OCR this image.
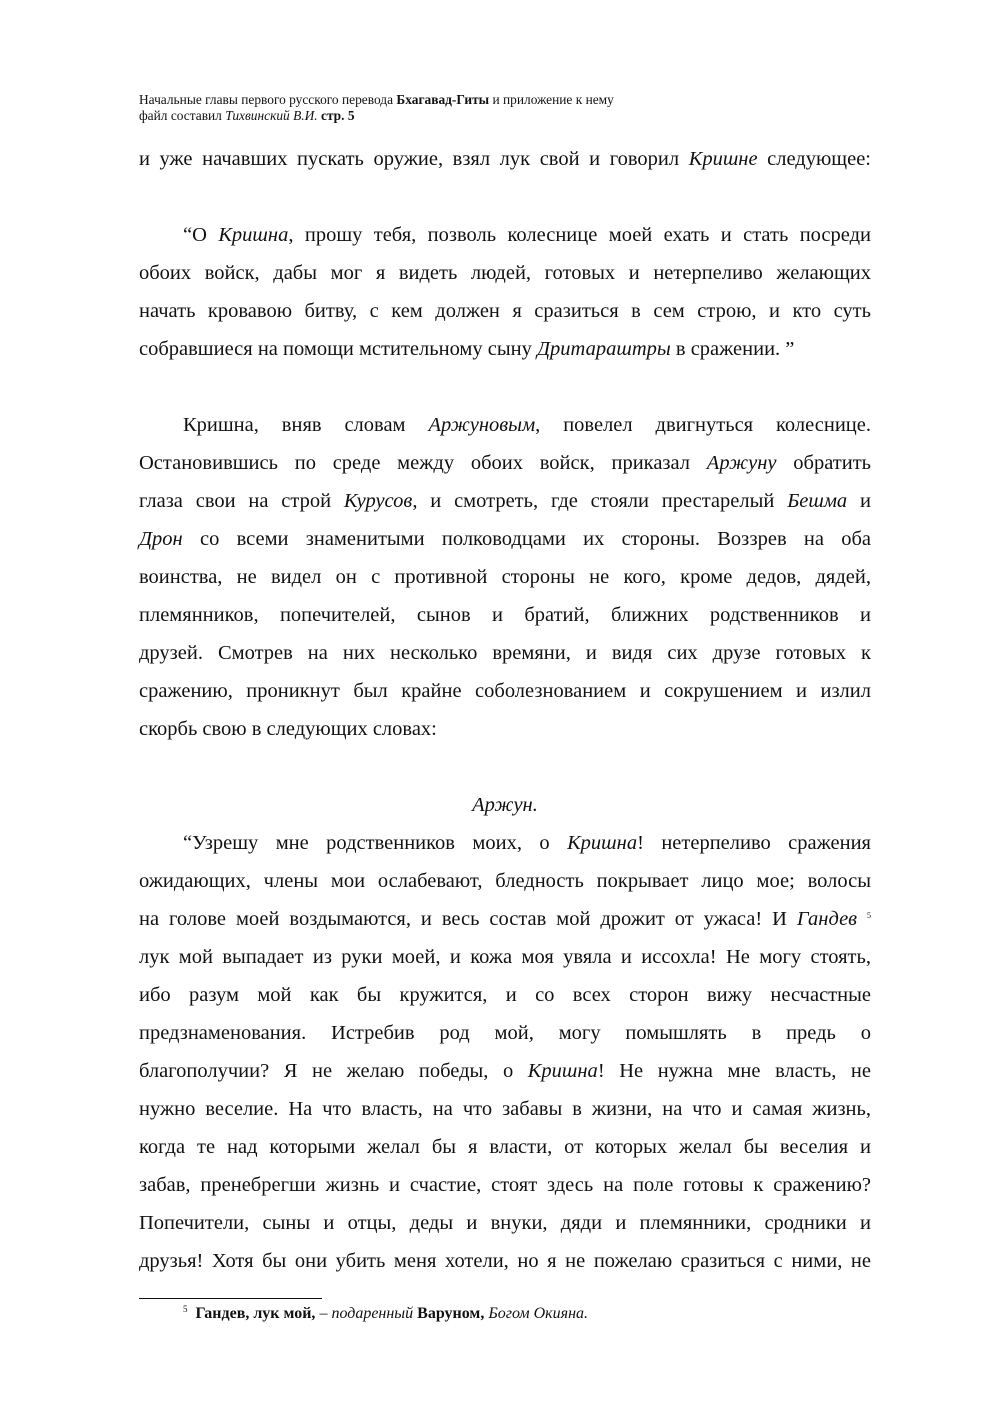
Начальные главы первого русского перевода Бхагавад-Гиты и приложение к нему
файл составил Тихвинский В.И. стр. 5
и уже начавших пускать оружие, взял лук свой и говорил Кришне следующее:
“О Кришна, прошу тебя, позволь колеснице моей ехать и стать посреди
обоих войск, дабы мог я видеть людей, готовых и нетерпеливо желающих
начать кровавою битву, с кем должен я сразиться в сем строю, и кто суть
собравшиеся на помощи мстительному сыну Дритараштры в сражении. ”
Кришна, вняв словам Аржуновым, повелел двигнуться колеснице.
Остановившись по среде между обоих войск, приказал Аржуну обратить
глаза свои на строй Курусов, и смотреть, где стояли престарелый Бешма и
Дрон со всеми знаменитыми полководцами их стороны. Воззрев на оба
воинства, не видел он с противной стороны не кого, кроме дедов, дядей,
племянников, попечителей, сынов и братий, ближних родственников и
друзей. Смотрев на них несколько времяни, и видя сих друзе готовых к
сражению, проникнут был крайне соболезнованием и сокрушением и излил
скорбь свою в следующих словах:
Аржун.
“Узрешу мне родственников моих, о Кришна! нетерпеливо сражения
ожидающих, члены мои ослабевают, бледность покрывает лицо мое; волосы
на голове моей воздымаются, и весь состав мой дрожит от ужаса! И Гандев $^5$
лук мой выпадает из руки моей, и кожа моя увяла и иссохла! Не могу стоять,
ибо разум мой как бы кружится, и со всех сторон вижу несчастные
предзнаменования. Истребив род мой, могу помышлять в предь о
благополучии? Я не желаю победы, о Кришна! Не нужна мне власть, не
нужно веселие. На что власть, на что забавы в жизни, на что и самая жизнь,
когда те над которыми желал бы я власти, от которых желал бы веселия и
забав, пренебрегши жизнь и счастие, стоят здесь на поле готовы к сражению?
Попечители, сыны и отцы, деды и внуки, дяди и племянники, сродники и
друзья! Хотя бы они убить меня хотели, но я не пожелаю сразиться с ними, не
$^5$ Гандев, лук мой, – подаренный Варуном, Богом Окияна.
